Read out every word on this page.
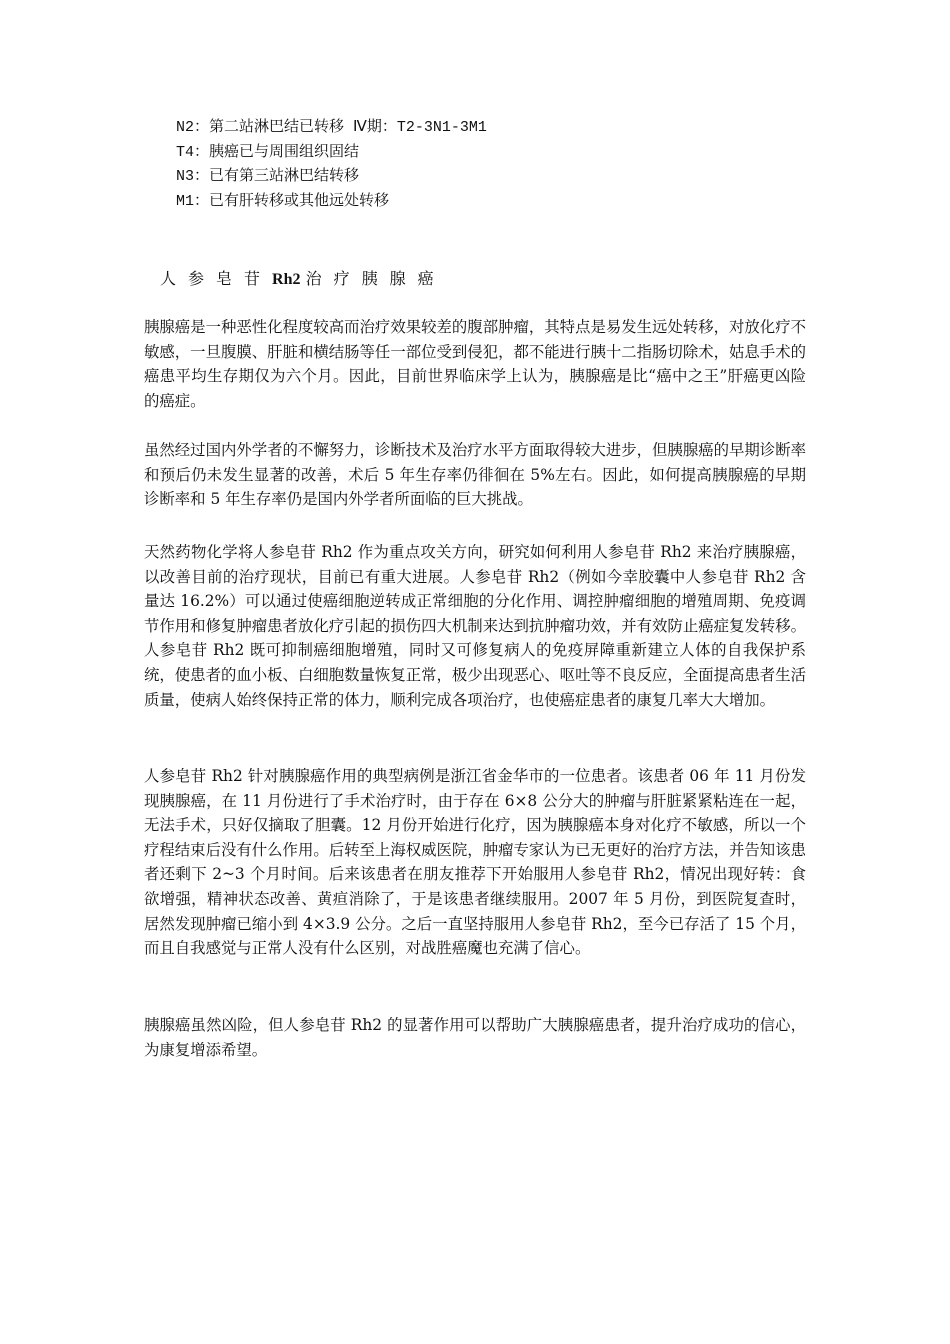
N2：第二站淋巴结已转移 Ⅳ期：T2-3N1-3M1
T4：胰癌已与周围组织固结
N3：已有第三站淋巴结转移
M1：已有肝转移或其他远处转移
人参皂苷Rh2 治疗胰腺癌

胰腺癌是一种恶性化程度较高而治疗效果较差的腹部肿瘤，其特点是易发生远处转移，对放化疗不敏感，一旦腹膜、肝脏和横结肠等任一部位受到侵犯，都不能进行胰十二指肠切除术，姑息手术的癌患平均生存期仅为六个月。因此，目前世界临床学上认为，胰腺癌是比“癌中之王”肝癌更凶险的癌症。

虽然经过国内外学者的不懈努力，诊断技术及治疗水平方面取得较大进步，但胰腺癌的早期诊断率和预后仍未发生显著的改善，术后 5 年生存率仍徘徊在 5%左右。因此，如何提高胰腺癌的早期诊断率和 5 年生存率仍是国内外学者所面临的巨大挑战。

天然药物化学将人参皂苷 Rh2 作为重点攻关方向，研究如何利用人参皂苷 Rh2 来治疗胰腺癌，以改善目前的治疗现状，目前已有重大进展。人参皂苷 Rh2（例如今幸胶囊中人参皂苷 Rh2 含量达 16.2%）可以通过使癌细胞逆转成正常细胞的分化作用、调控肿瘤细胞的增殖周期、免疫调节作用和修复肿瘤患者放化疗引起的损伤四大机制来达到抗肿瘤功效，并有效防止癌症复发转移。人参皂苷 Rh2 既可抑制癌细胞增殖，同时又可修复病人的免疫屏障重新建立人体的自我保护系统，使患者的血小板、白细胞数量恢复正常，极少出现恶心、呕吐等不良反应，全面提高患者生活质量，使病人始终保持正常的体力，顺利完成各项治疗，也使癌症患者的康复几率大大增加。

人参皂苷 Rh2 针对胰腺癌作用的典型病例是浙江省金华市的一位患者。该患者 06 年 11 月份发现胰腺癌，在 11 月份进行了手术治疗时，由于存在 6×8 公分大的肿瘤与肝脏紧紧粘连在一起，无法手术，只好仅摘取了胆囊。12 月份开始进行化疗，因为胰腺癌本身对化疗不敏感，所以一个疗程结束后没有什么作用。后转至上海权威医院，肿瘤专家认为已无更好的治疗方法，并告知该患者还剩下 2~3 个月时间。后来该患者在朋友推荐下开始服用人参皂苷 Rh2，情况出现好转：食欲增强，精神状态改善、黄疸消除了，于是该患者继续服用。2007 年 5 月份，到医院复查时，居然发现肿瘤已缩小到 4×3.9 公分。之后一直坚持服用人参皂苷 Rh2，至今已存活了 15 个月，而且自我感觉与正常人没有什么区别，对战胜癌魔也充满了信心。

胰腺癌虽然凶险，但人参皂苷 Rh2 的显著作用可以帮助广大胰腺癌患者，提升治疗成功的信心，为康复增添希望。
